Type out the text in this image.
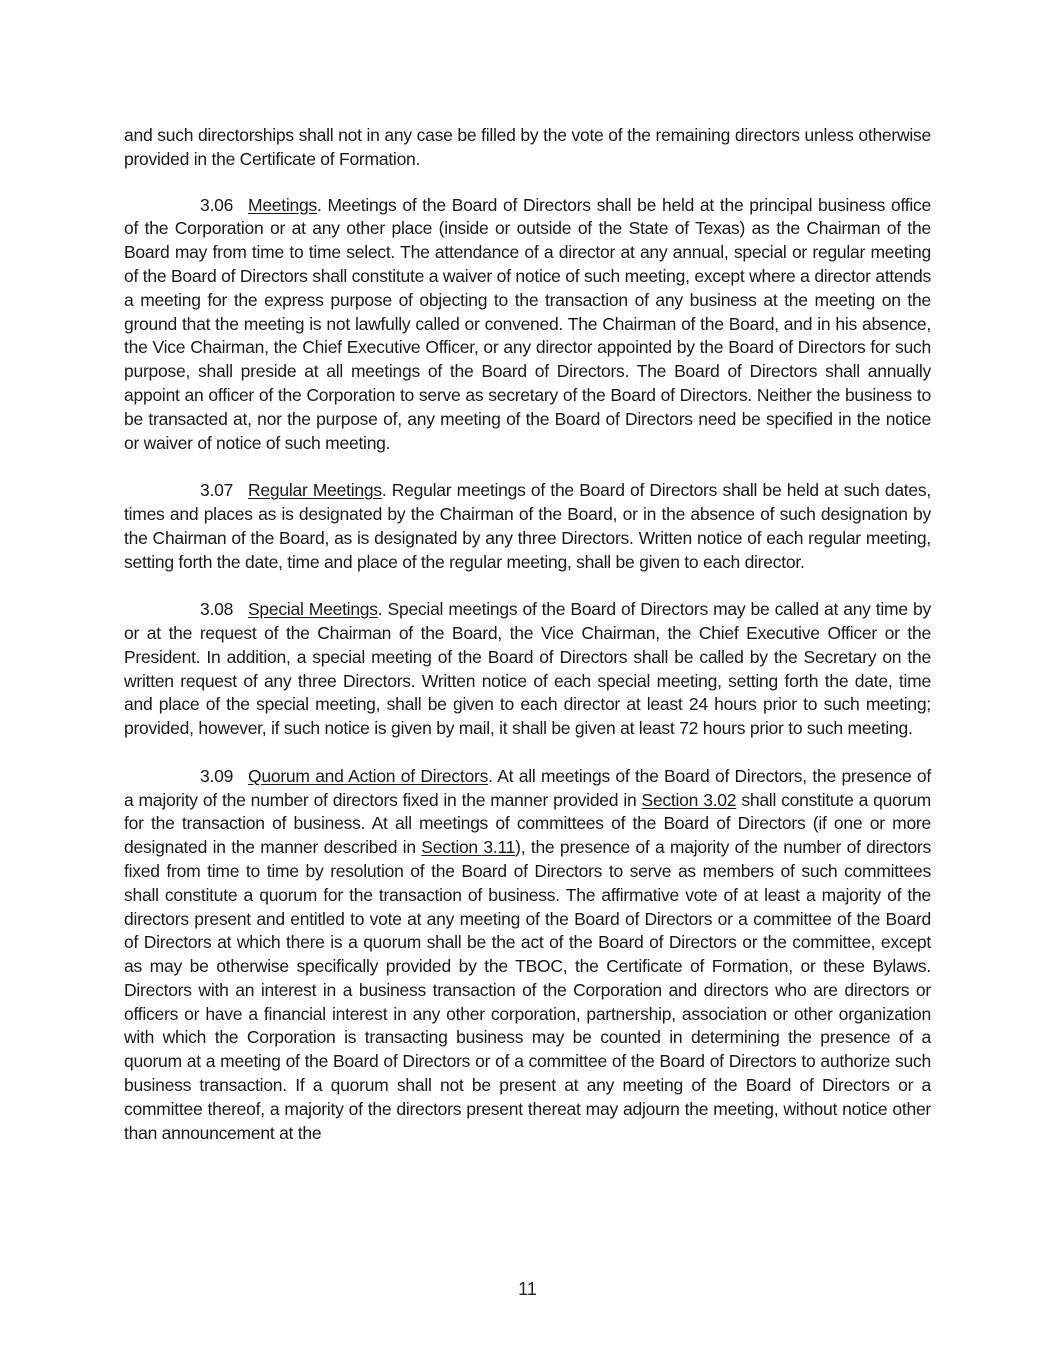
and such directorships shall not in any case be filled by the vote of the remaining directors unless otherwise provided in the Certificate of Formation.

3.06 Meetings. Meetings of the Board of Directors shall be held at the principal business office of the Corporation or at any other place (inside or outside of the State of Texas) as the Chairman of the Board may from time to time select. The attendance of a director at any annual, special or regular meeting of the Board of Directors shall constitute a waiver of notice of such meeting, except where a director attends a meeting for the express purpose of objecting to the transaction of any business at the meeting on the ground that the meeting is not lawfully called or convened. The Chairman of the Board, and in his absence, the Vice Chairman, the Chief Executive Officer, or any director appointed by the Board of Directors for such purpose, shall preside at all meetings of the Board of Directors. The Board of Directors shall annually appoint an officer of the Corporation to serve as secretary of the Board of Directors. Neither the business to be transacted at, nor the purpose of, any meeting of the Board of Directors need be specified in the notice or waiver of notice of such meeting.

3.07 Regular Meetings. Regular meetings of the Board of Directors shall be held at such dates, times and places as is designated by the Chairman of the Board, or in the absence of such designation by the Chairman of the Board, as is designated by any three Directors. Written notice of each regular meeting, setting forth the date, time and place of the regular meeting, shall be given to each director.

3.08 Special Meetings. Special meetings of the Board of Directors may be called at any time by or at the request of the Chairman of the Board, the Vice Chairman, the Chief Executive Officer or the President. In addition, a special meeting of the Board of Directors shall be called by the Secretary on the written request of any three Directors. Written notice of each special meeting, setting forth the date, time and place of the special meeting, shall be given to each director at least 24 hours prior to such meeting; provided, however, if such notice is given by mail, it shall be given at least 72 hours prior to such meeting.

3.09 Quorum and Action of Directors. At all meetings of the Board of Directors, the presence of a majority of the number of directors fixed in the manner provided in Section 3.02 shall constitute a quorum for the transaction of business. At all meetings of committees of the Board of Directors (if one or more designated in the manner described in Section 3.11), the presence of a majority of the number of directors fixed from time to time by resolution of the Board of Directors to serve as members of such committees shall constitute a quorum for the transaction of business. The affirmative vote of at least a majority of the directors present and entitled to vote at any meeting of the Board of Directors or a committee of the Board of Directors at which there is a quorum shall be the act of the Board of Directors or the committee, except as may be otherwise specifically provided by the TBOC, the Certificate of Formation, or these Bylaws. Directors with an interest in a business transaction of the Corporation and directors who are directors or officers or have a financial interest in any other corporation, partnership, association or other organization with which the Corporation is transacting business may be counted in determining the presence of a quorum at a meeting of the Board of Directors or of a committee of the Board of Directors to authorize such business transaction. If a quorum shall not be present at any meeting of the Board of Directors or a committee thereof, a majority of the directors present thereat may adjourn the meeting, without notice other than announcement at the

11
